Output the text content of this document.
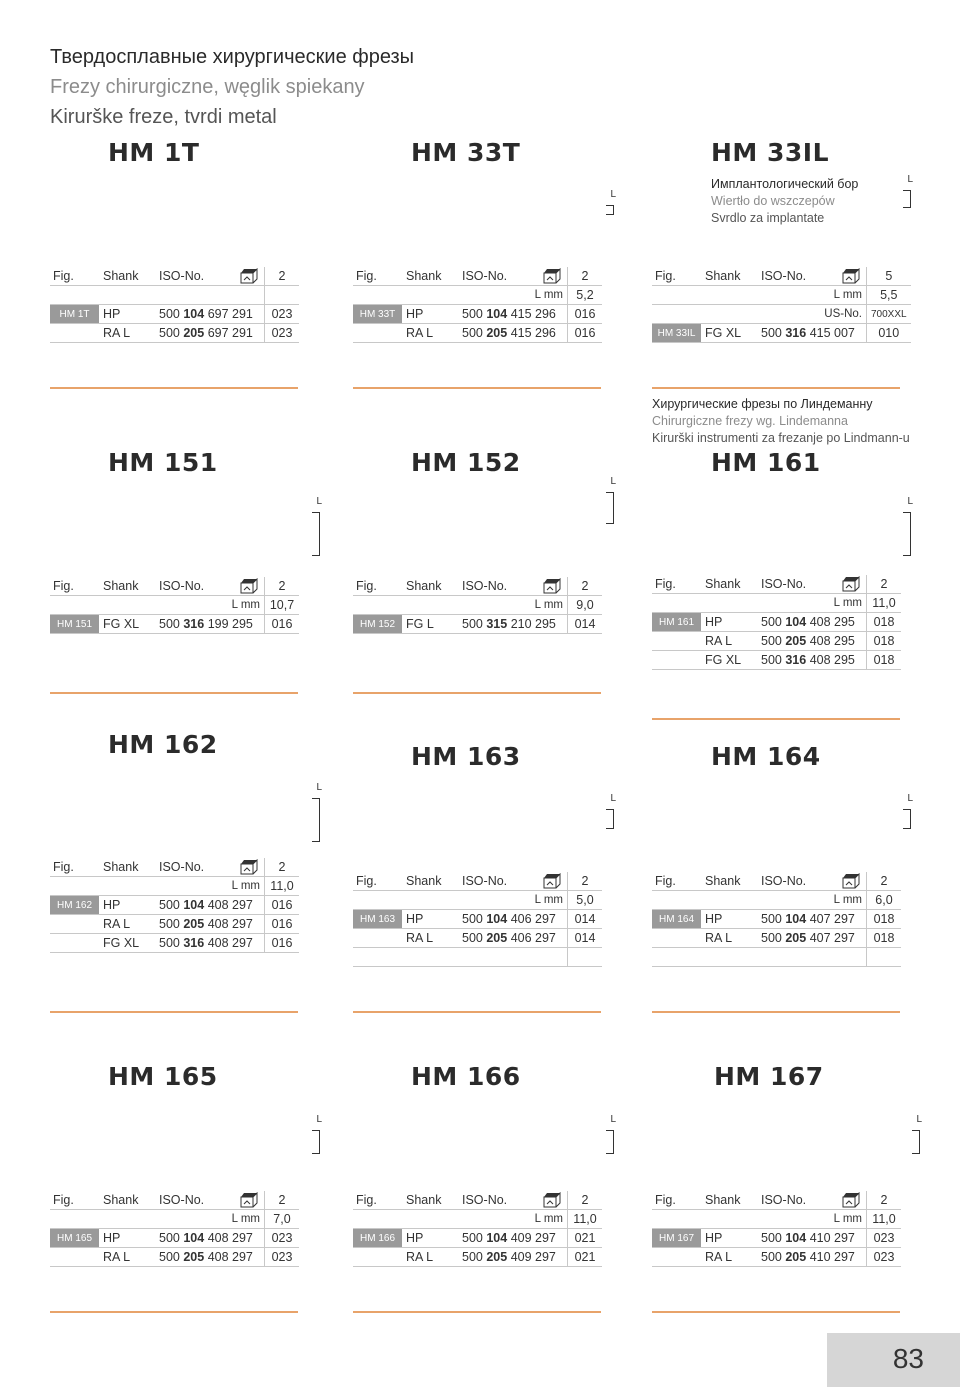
Твердосплавные хирургические фрезы
Frezy chirurgiczne, węglik spiekany
Kirurške freze, tvrdi metal
HM 1T
Fig.	Shank	ISO-No.		2

HM 1T	HP	500 104 697 291		023
	RA L	500 205 697 291		023
HM 33T
L
Fig.	Shank	ISO-No.		2
		L mm		5,2
HM 33T	HP	500 104 415 296		016
	RA L	500 205 415 296		016
HM 33IL
Имплантологический бор
Wiertło do wszczepów
Svrdlo za implantate
L
Fig.	Shank	ISO-No.		5
		L mm		5,5
		US-No.		700XXL
HM 33IL	FG XL	500 316 415 007		010
HM 151
L
Fig.	Shank	ISO-No.		2
		L mm		10,7
HM 151	FG XL	500 316 199 295		016
HM 152
L
Fig.	Shank	ISO-No.		2
		L mm		9,0
HM 152	FG L	500 315 210 295		014
HM 161
Хирургические фрезы по Линдеманну
Chirurgiczne frezy wg. Lindemanna
Kirurški instrumenti za frezanje po Lindmann-u
L
Fig.	Shank	ISO-No.		2
		L mm		11,0
HM 161	HP	500 104 408 295		018
	RA L	500 205 408 295		018
	FG XL	500 316 408 295		018
HM 162
L
Fig.	Shank	ISO-No.		2
		L mm		11,0
HM 162	HP	500 104 408 297		016
	RA L	500 205 408 297		016
	FG XL	500 316 408 297		016
HM 163
L
Fig.	Shank	ISO-No.		2
		L mm		5,0
HM 163	HP	500 104 406 297		014
	RA L	500 205 406 297		014

HM 164
L
Fig.	Shank	ISO-No.		2
		L mm		6,0
HM 164	HP	500 104 407 297		018
	RA L	500 205 407 297		018

HM 165
L
Fig.	Shank	ISO-No.		2
		L mm		7,0
HM 165	HP	500 104 408 297		023
	RA L	500 205 408 297		023
HM 166
L
Fig.	Shank	ISO-No.		2
		L mm		11,0
HM 166	HP	500 104 409 297		021
	RA L	500 205 409 297		021
HM 167
L
Fig.	Shank	ISO-No.		2
		L mm		11,0
HM 167	HP	500 104 410 297		023
	RA L	500 205 410 297		023
83
